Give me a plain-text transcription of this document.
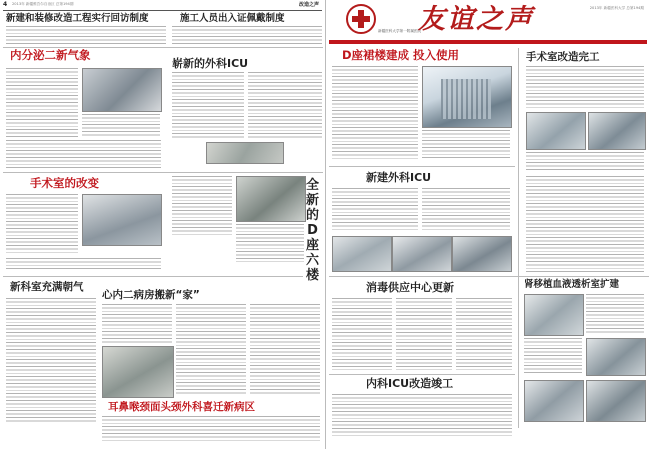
4 2013年 新疆维吾尔自治区 总第194期	改造之声
新建和装修改造工程实行回访制度	施工人员出入证佩戴制度
内分泌二新气象
崭新的外科ICU
手术室的改变	全新的D座六楼
新科室充满朝气
心内二病房搬新“家”
耳鼻喉颈面头颈外科喜迁新病区
新疆医科大学第一附属医院
友谊之声	2013年 新疆医科大学 总第194期
D座裙楼建成 投入使用	手术室改造完工
新建外科ICU
消毒供应中心更新	肾移植血液透析室扩建
内科ICU改造竣工
